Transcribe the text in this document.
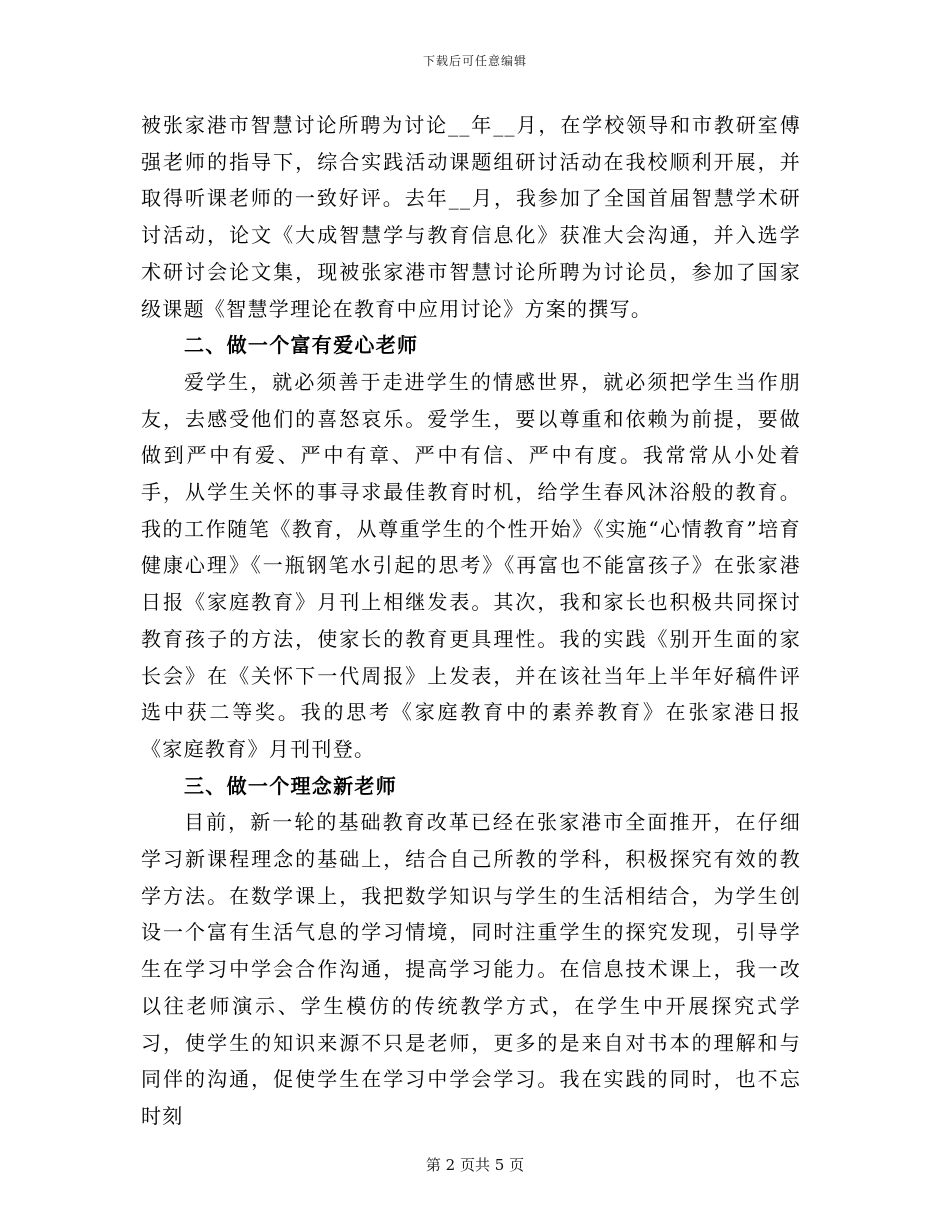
下载后可任意编辑

被张家港市智慧讨论所聘为讨论__年__月，在学校领导和市教研室傅强老师的指导下，综合实践活动课题组研讨活动在我校顺利开展，并取得听课老师的一致好评。去年__月，我参加了全国首届智慧学术研讨活动，论文《大成智慧学与教育信息化》获准大会沟通，并入选学术研讨会论文集，现被张家港市智慧讨论所聘为讨论员，参加了国家级课题《智慧学理论在教育中应用讨论》方案的撰写。

二、做一个富有爱心老师

爱学生，就必须善于走进学生的情感世界，就必须把学生当作朋友，去感受他们的喜怒哀乐。爱学生，要以尊重和依赖为前提，要做做到严中有爱、严中有章、严中有信、严中有度。我常常从小处着手，从学生关怀的事寻求最佳教育时机，给学生春风沐浴般的教育。我的工作随笔《教育，从尊重学生的个性开始》《实施“心情教育”培育健康心理》《一瓶钢笔水引起的思考》《再富也不能富孩子》在张家港日报《家庭教育》月刊上相继发表。其次，我和家长也积极共同探讨教育孩子的方法，使家长的教育更具理性。我的实践《别开生面的家长会》在《关怀下一代周报》上发表，并在该社当年上半年好稿件评选中获二等奖。我的思考《家庭教育中的素养教育》在张家港日报《家庭教育》月刊刊登。

三、做一个理念新老师

目前，新一轮的基础教育改革已经在张家港市全面推开，在仔细学习新课程理念的基础上，结合自己所教的学科，积极探究有效的教学方法。在数学课上，我把数学知识与学生的生活相结合，为学生创设一个富有生活气息的学习情境，同时注重学生的探究发现，引导学生在学习中学会合作沟通，提高学习能力。在信息技术课上，我一改以往老师演示、学生模仿的传统教学方式，在学生中开展探究式学习，使学生的知识来源不只是老师，更多的是来自对书本的理解和与同伴的沟通，促使学生在学习中学会学习。我在实践的同时，也不忘时刻

第 2 页共 5 页
